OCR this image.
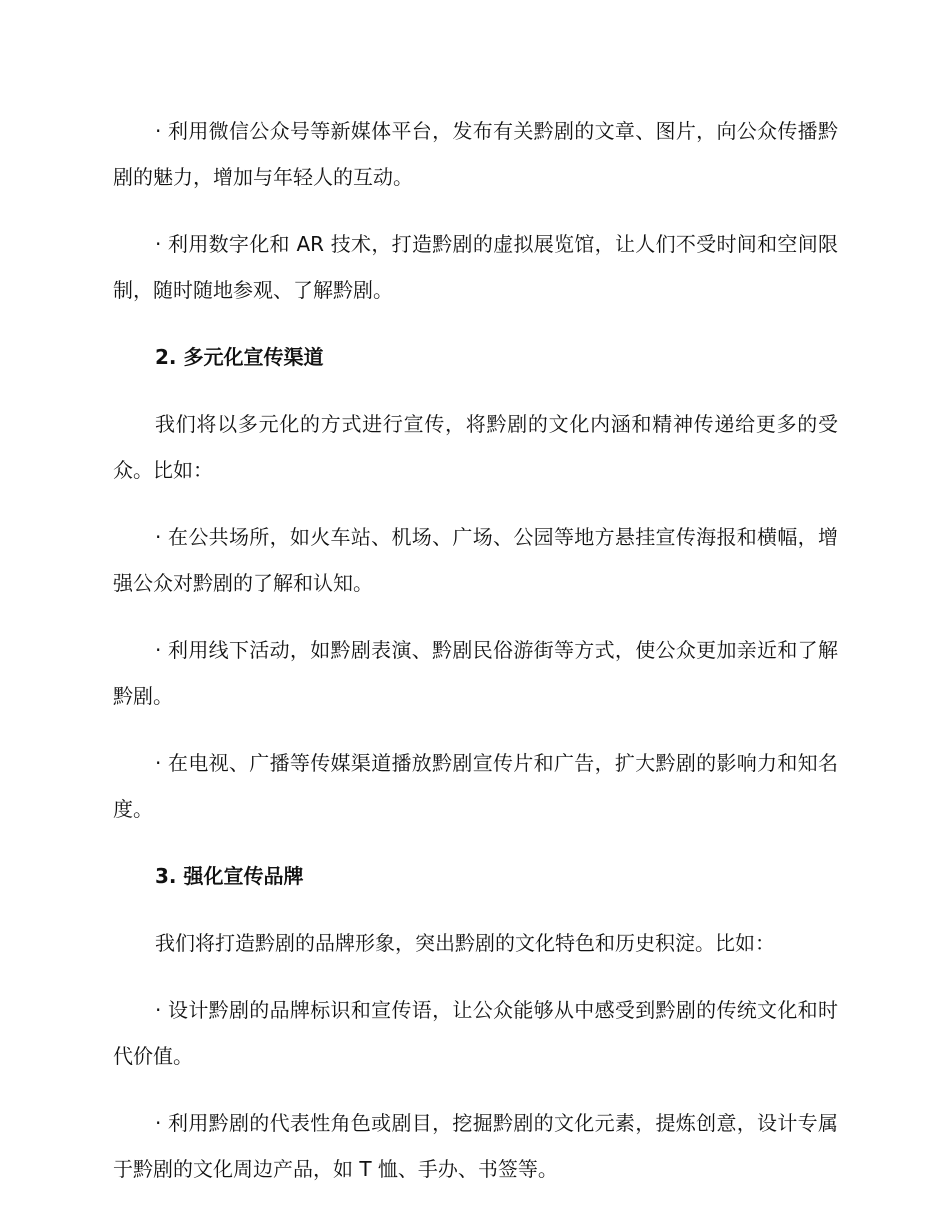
· 利用微信公众号等新媒体平台，发布有关黔剧的文章、图片，向公众传播黔剧的魅力，增加与年轻人的互动。

· 利用数字化和 AR 技术，打造黔剧的虚拟展览馆，让人们不受时间和空间限制，随时随地参观、了解黔剧。

2. 多元化宣传渠道

我们将以多元化的方式进行宣传，将黔剧的文化内涵和精神传递给更多的受众。比如：

· 在公共场所，如火车站、机场、广场、公园等地方悬挂宣传海报和横幅，增强公众对黔剧的了解和认知。

· 利用线下活动，如黔剧表演、黔剧民俗游街等方式，使公众更加亲近和了解黔剧。

· 在电视、广播等传媒渠道播放黔剧宣传片和广告，扩大黔剧的影响力和知名度。

3. 强化宣传品牌

我们将打造黔剧的品牌形象，突出黔剧的文化特色和历史积淀。比如：

· 设计黔剧的品牌标识和宣传语，让公众能够从中感受到黔剧的传统文化和时代价值。

· 利用黔剧的代表性角色或剧目，挖掘黔剧的文化元素，提炼创意，设计专属于黔剧的文化周边产品，如 T 恤、手办、书签等。
